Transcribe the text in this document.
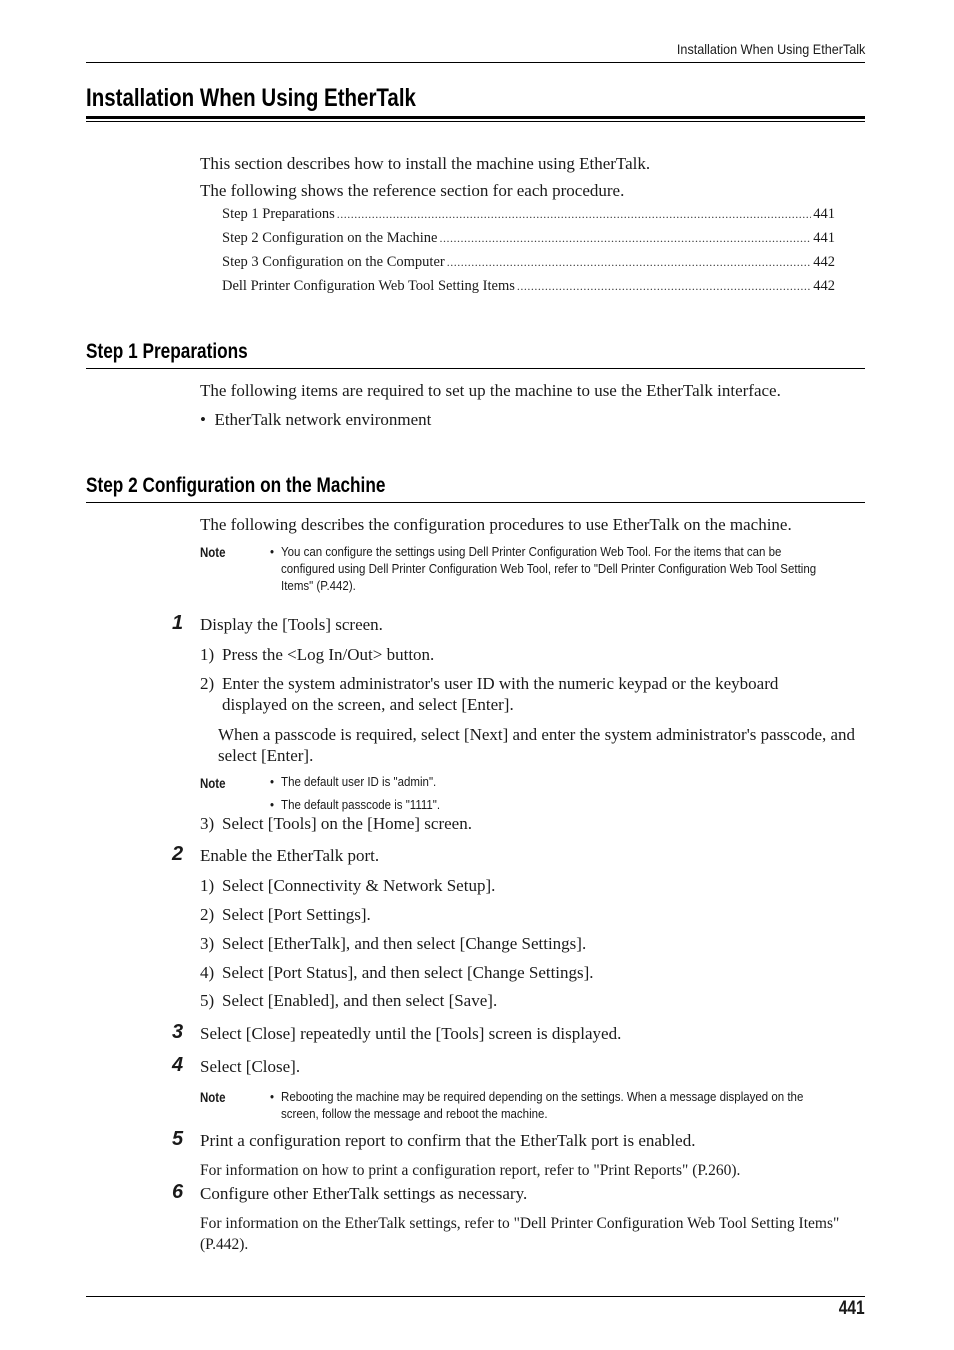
Installation When Using EtherTalk
Installation When Using EtherTalk
This section describes how to install the machine using EtherTalk.
The following shows the reference section for each procedure.
Step 1 Preparations .....	441
Step 2 Configuration on the Machine .....	441
Step 3 Configuration on the Computer .....	442
Dell Printer Configuration Web Tool Setting Items .....	442
Step 1 Preparations
The following items are required to set up the machine to use the EtherTalk interface.
•  EtherTalk network environment
Step 2 Configuration on the Machine
The following describes the configuration procedures to use EtherTalk on the machine.
Note	• You can configure the settings using Dell Printer Configuration Web Tool. For the items that can be configured using Dell Printer Configuration Web Tool, refer to "Dell Printer Configuration Web Tool Setting Items" (P.442).
1 Display the [Tools] screen.
1) Press the <Log In/Out> button.
2) Enter the system administrator's user ID with the numeric keypad or the keyboard
displayed on the screen, and select [Enter].
When a passcode is required, select [Next] and enter the system administrator's passcode, and select [Enter].
Note	• The default user ID is "admin".
• The default passcode is "1111".
3) Select [Tools] on the [Home] screen.
2 Enable the EtherTalk port.
1) Select [Connectivity & Network Setup].
2) Select [Port Settings].
3) Select [EtherTalk], and then select [Change Settings].
4) Select [Port Status], and then select [Change Settings].
5) Select [Enabled], and then select [Save].
3 Select [Close] repeatedly until the [Tools] screen is displayed.
4 Select [Close].
Note	• Rebooting the machine may be required depending on the settings. When a message displayed on the screen, follow the message and reboot the machine.
5 Print a configuration report to confirm that the EtherTalk port is enabled.
For information on how to print a configuration report, refer to "Print Reports" (P.260).
6 Configure other EtherTalk settings as necessary.
For information on the EtherTalk settings, refer to "Dell Printer Configuration Web Tool Setting Items" (P.442).
441
